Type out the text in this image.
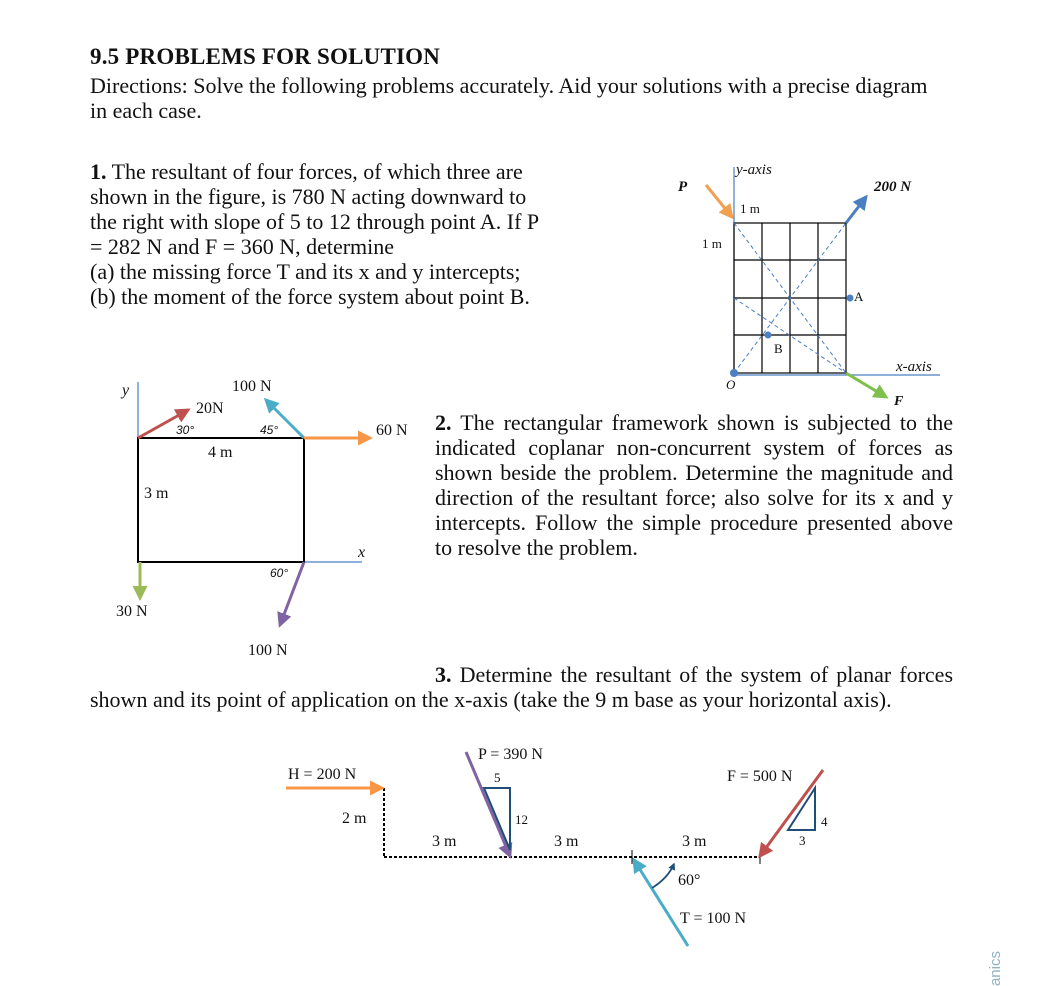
9.5 PROBLEMS FOR SOLUTION
Directions: Solve the following problems accurately. Aid your solutions with a precise diagram in each case.
1. The resultant of four forces, of which three are
shown in the figure, is 780 N acting downward to
the right with slope of 5 to 12 through point A. If P
= 282 N and F = 360 N, determine
(a) the missing force T and its x and y intercepts;
(b) the moment of the force system about point B.
y-axis
P	200 N
1 m
1 m
A
B
O
x-axis
F
y	100 N
20N
30°	45°	60 N
4 m
3 m
x
60°
30 N
100 N
2. The rectangular framework shown is subjected to the indicated coplanar non-concurrent system of forces as shown beside the problem. Determine the magnitude and direction of the resultant force; also solve for its x and y intercepts. Follow the simple procedure presented above to resolve the problem.
3. Determine the resultant of the system of planar forces shown and its point of application on the x-axis (take the 9 m base as your horizontal axis).
H = 200 N
P = 390 N
5
12
F = 500 N
4
3
2 m
3 m	3 m	3 m
60°
T = 100 N
anics
